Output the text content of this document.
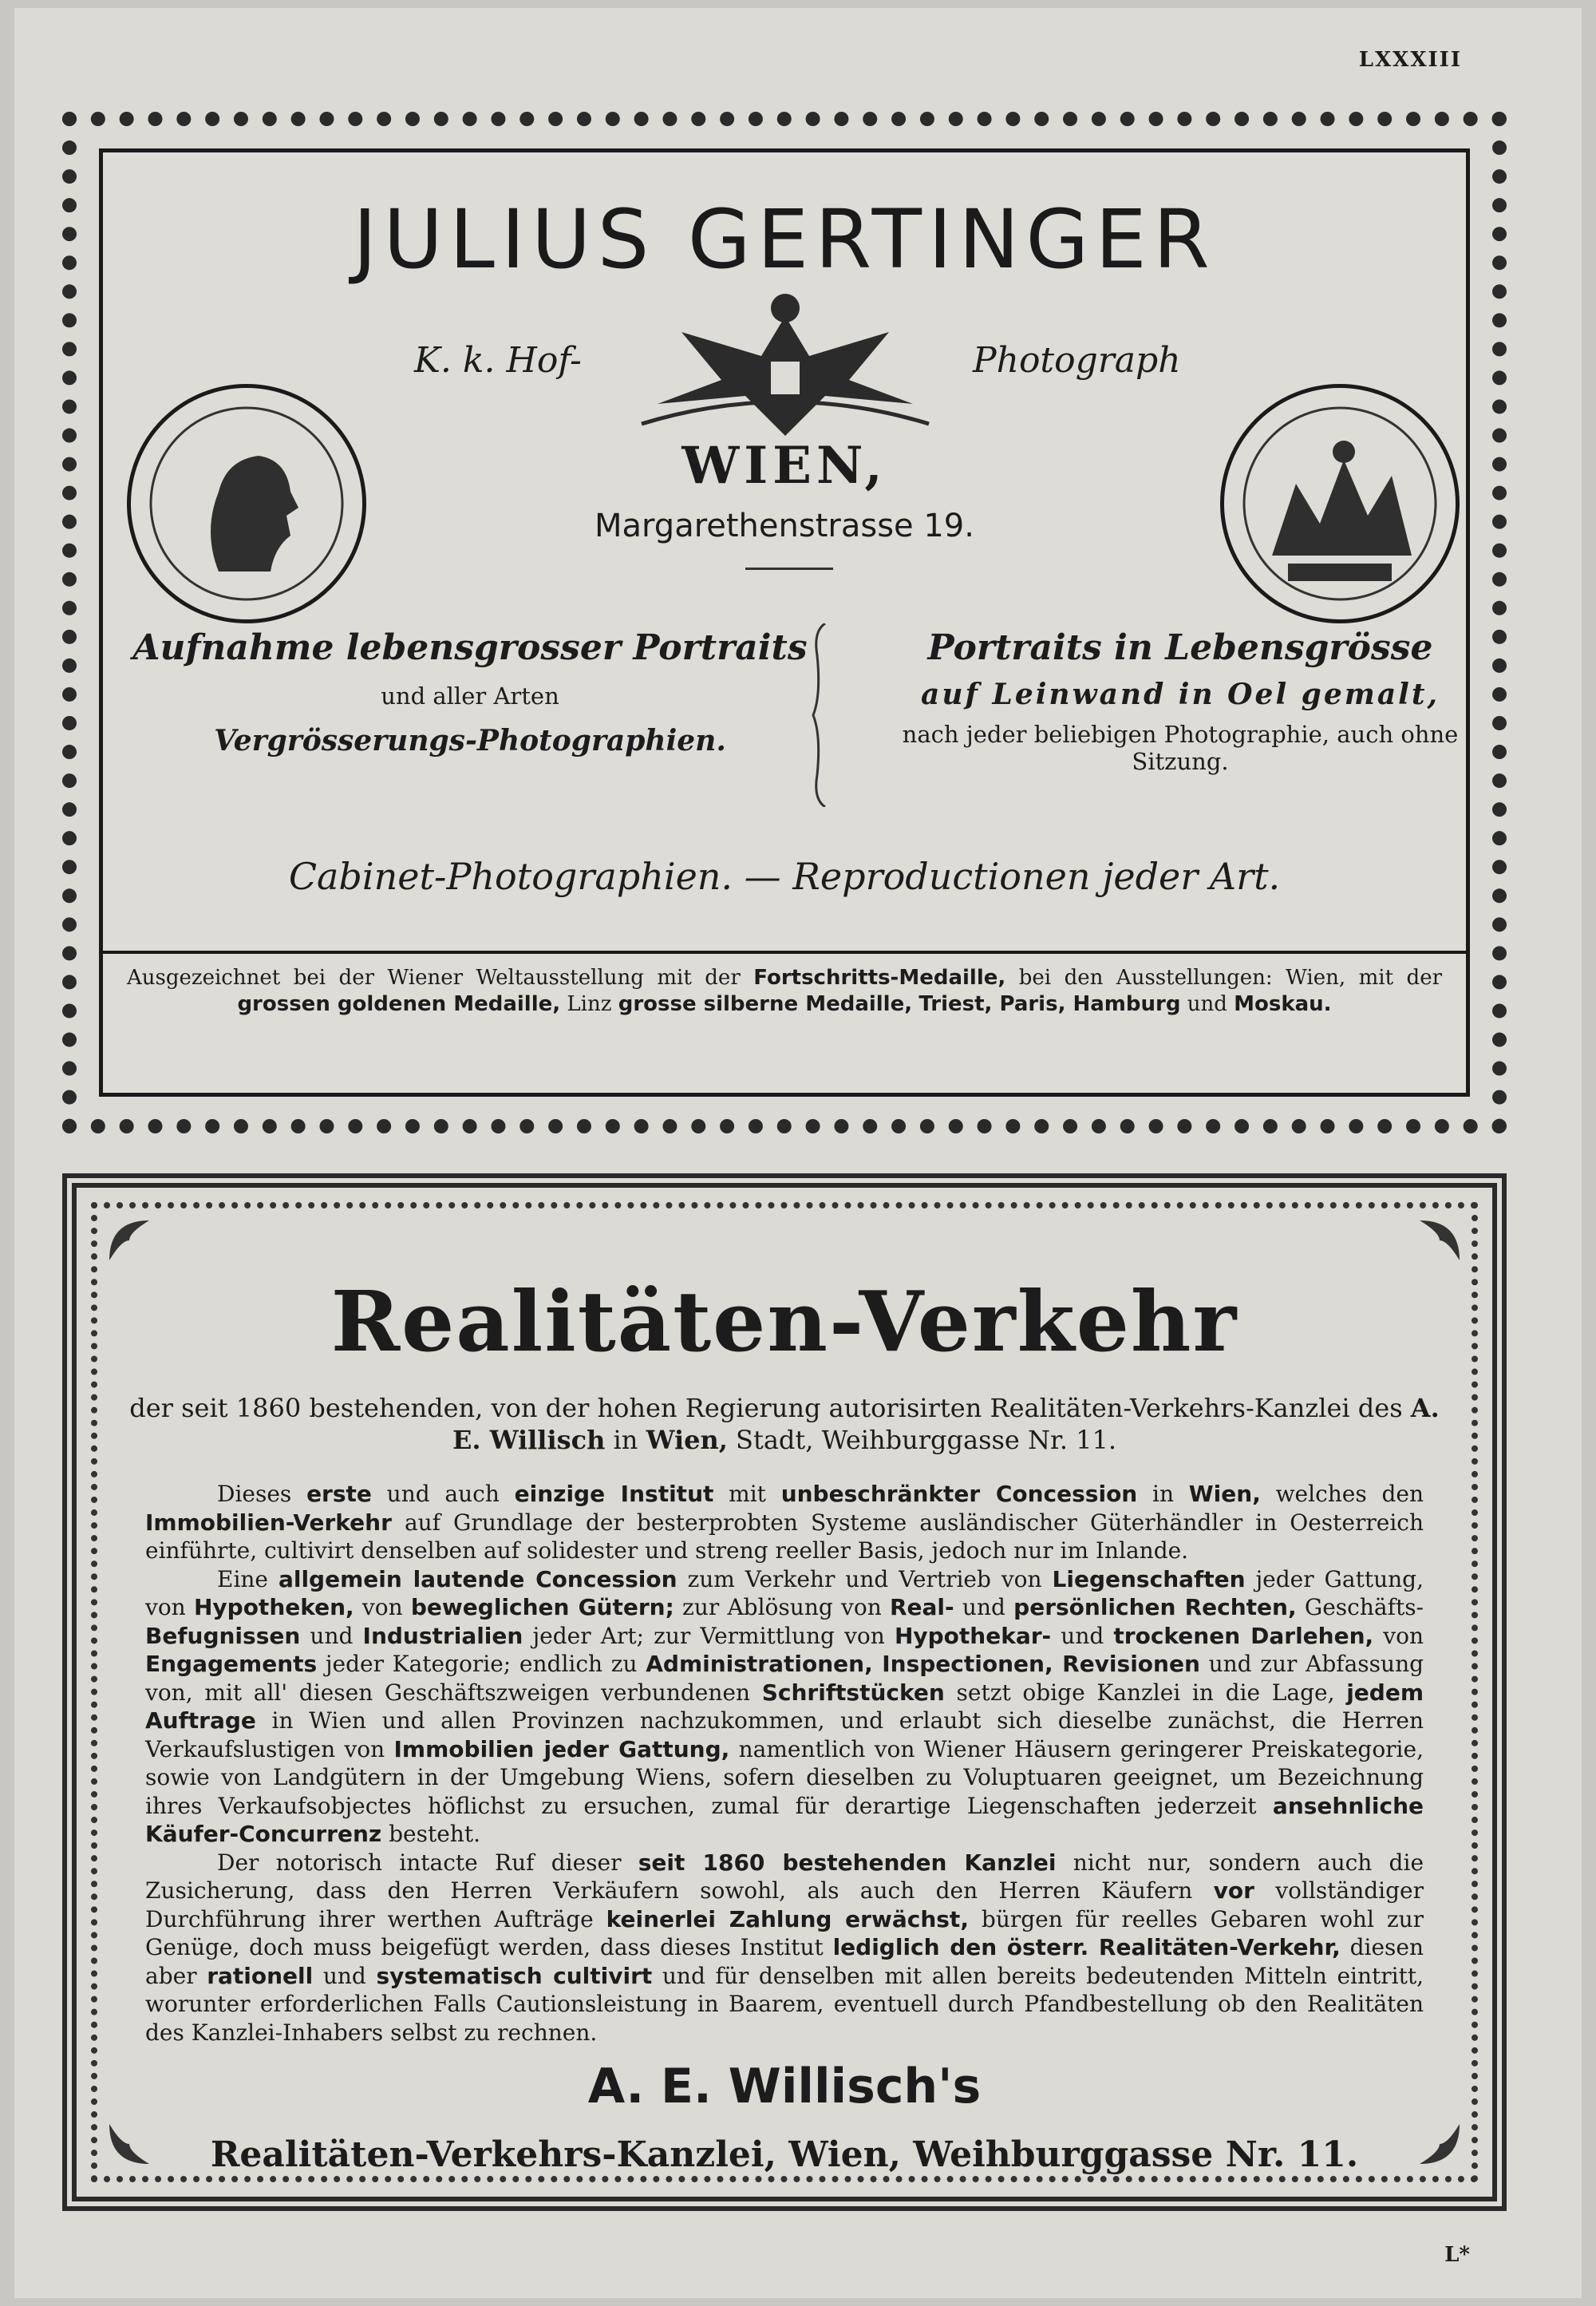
LXXXIII
JULIUS GERTINGER
K. k. Hof-	Photograph
WIEN,
Margarethenstrasse 19.
Aufnahme lebensgrosser Portraits
und aller Arten
Vergrösserungs-Photographien.
Portraits in Lebensgrösse
auf Leinwand in Oel gemalt,
nach jeder beliebigen Photographie, auch ohne Sitzung.
Cabinet-Photographien. — Reproductionen jeder Art.
Ausgezeichnet bei der Wiener Weltausstellung mit der Fortschritts-Medaille, bei den Ausstellungen: Wien, mit der grossen goldenen Medaille, Linz grosse silberne Medaille, Triest, Paris, Hamburg und Moskau.
Realitäten-Verkehr
der seit 1860 bestehenden, von der hohen Regierung autorisirten Realitäten-Verkehrs-Kanzlei des A. E. Willisch in Wien, Stadt, Weihburggasse Nr. 11.

Dieses erste und auch einzige Institut mit unbeschränkter Concession in Wien, welches den Immobilien-Verkehr auf Grundlage der besterprobten Systeme ausländischer Güterhändler in Oesterreich einführte, cultivirt denselben auf solidester und streng reeller Basis, jedoch nur im Inlande.

Eine allgemein lautende Concession zum Verkehr und Vertrieb von Liegenschaften jeder Gattung, von Hypotheken, von beweglichen Gütern; zur Ablösung von Real- und persönlichen Rechten, Geschäfts-Befugnissen und Industrialien jeder Art; zur Vermittlung von Hypothekar- und trockenen Darlehen, von Engagements jeder Kategorie; endlich zu Administrationen, Inspectionen, Revisionen und zur Abfassung von, mit all' diesen Geschäftszweigen verbundenen Schriftstücken setzt obige Kanzlei in die Lage, jedem Auftrage in Wien und allen Provinzen nachzukommen, und erlaubt sich dieselbe zunächst, die Herren Verkaufslustigen von Immobilien jeder Gattung, namentlich von Wiener Häusern geringerer Preiskategorie, sowie von Landgütern in der Umgebung Wiens, sofern dieselben zu Voluptuaren geeignet, um Bezeichnung ihres Verkaufsobjectes höflichst zu ersuchen, zumal für derartige Liegenschaften jederzeit ansehnliche Käufer-Concurrenz besteht.

Der notorisch intacte Ruf dieser seit 1860 bestehenden Kanzlei nicht nur, sondern auch die Zusicherung, dass den Herren Verkäufern sowohl, als auch den Herren Käufern vor vollständiger Durchführung ihrer werthen Aufträge keinerlei Zahlung erwächst, bürgen für reelles Gebaren wohl zur Genüge, doch muss beigefügt werden, dass dieses Institut lediglich den österr. Realitäten-Verkehr, diesen aber rationell und systematisch cultivirt und für denselben mit allen bereits bedeutenden Mitteln eintritt, worunter erforderlichen Falls Cautionsleistung in Baarem, eventuell durch Pfandbestellung ob den Realitäten des Kanzlei-Inhabers selbst zu rechnen.

A. E. Willisch's
Realitäten-Verkehrs-Kanzlei, Wien, Weihburggasse Nr. 11.
L*
